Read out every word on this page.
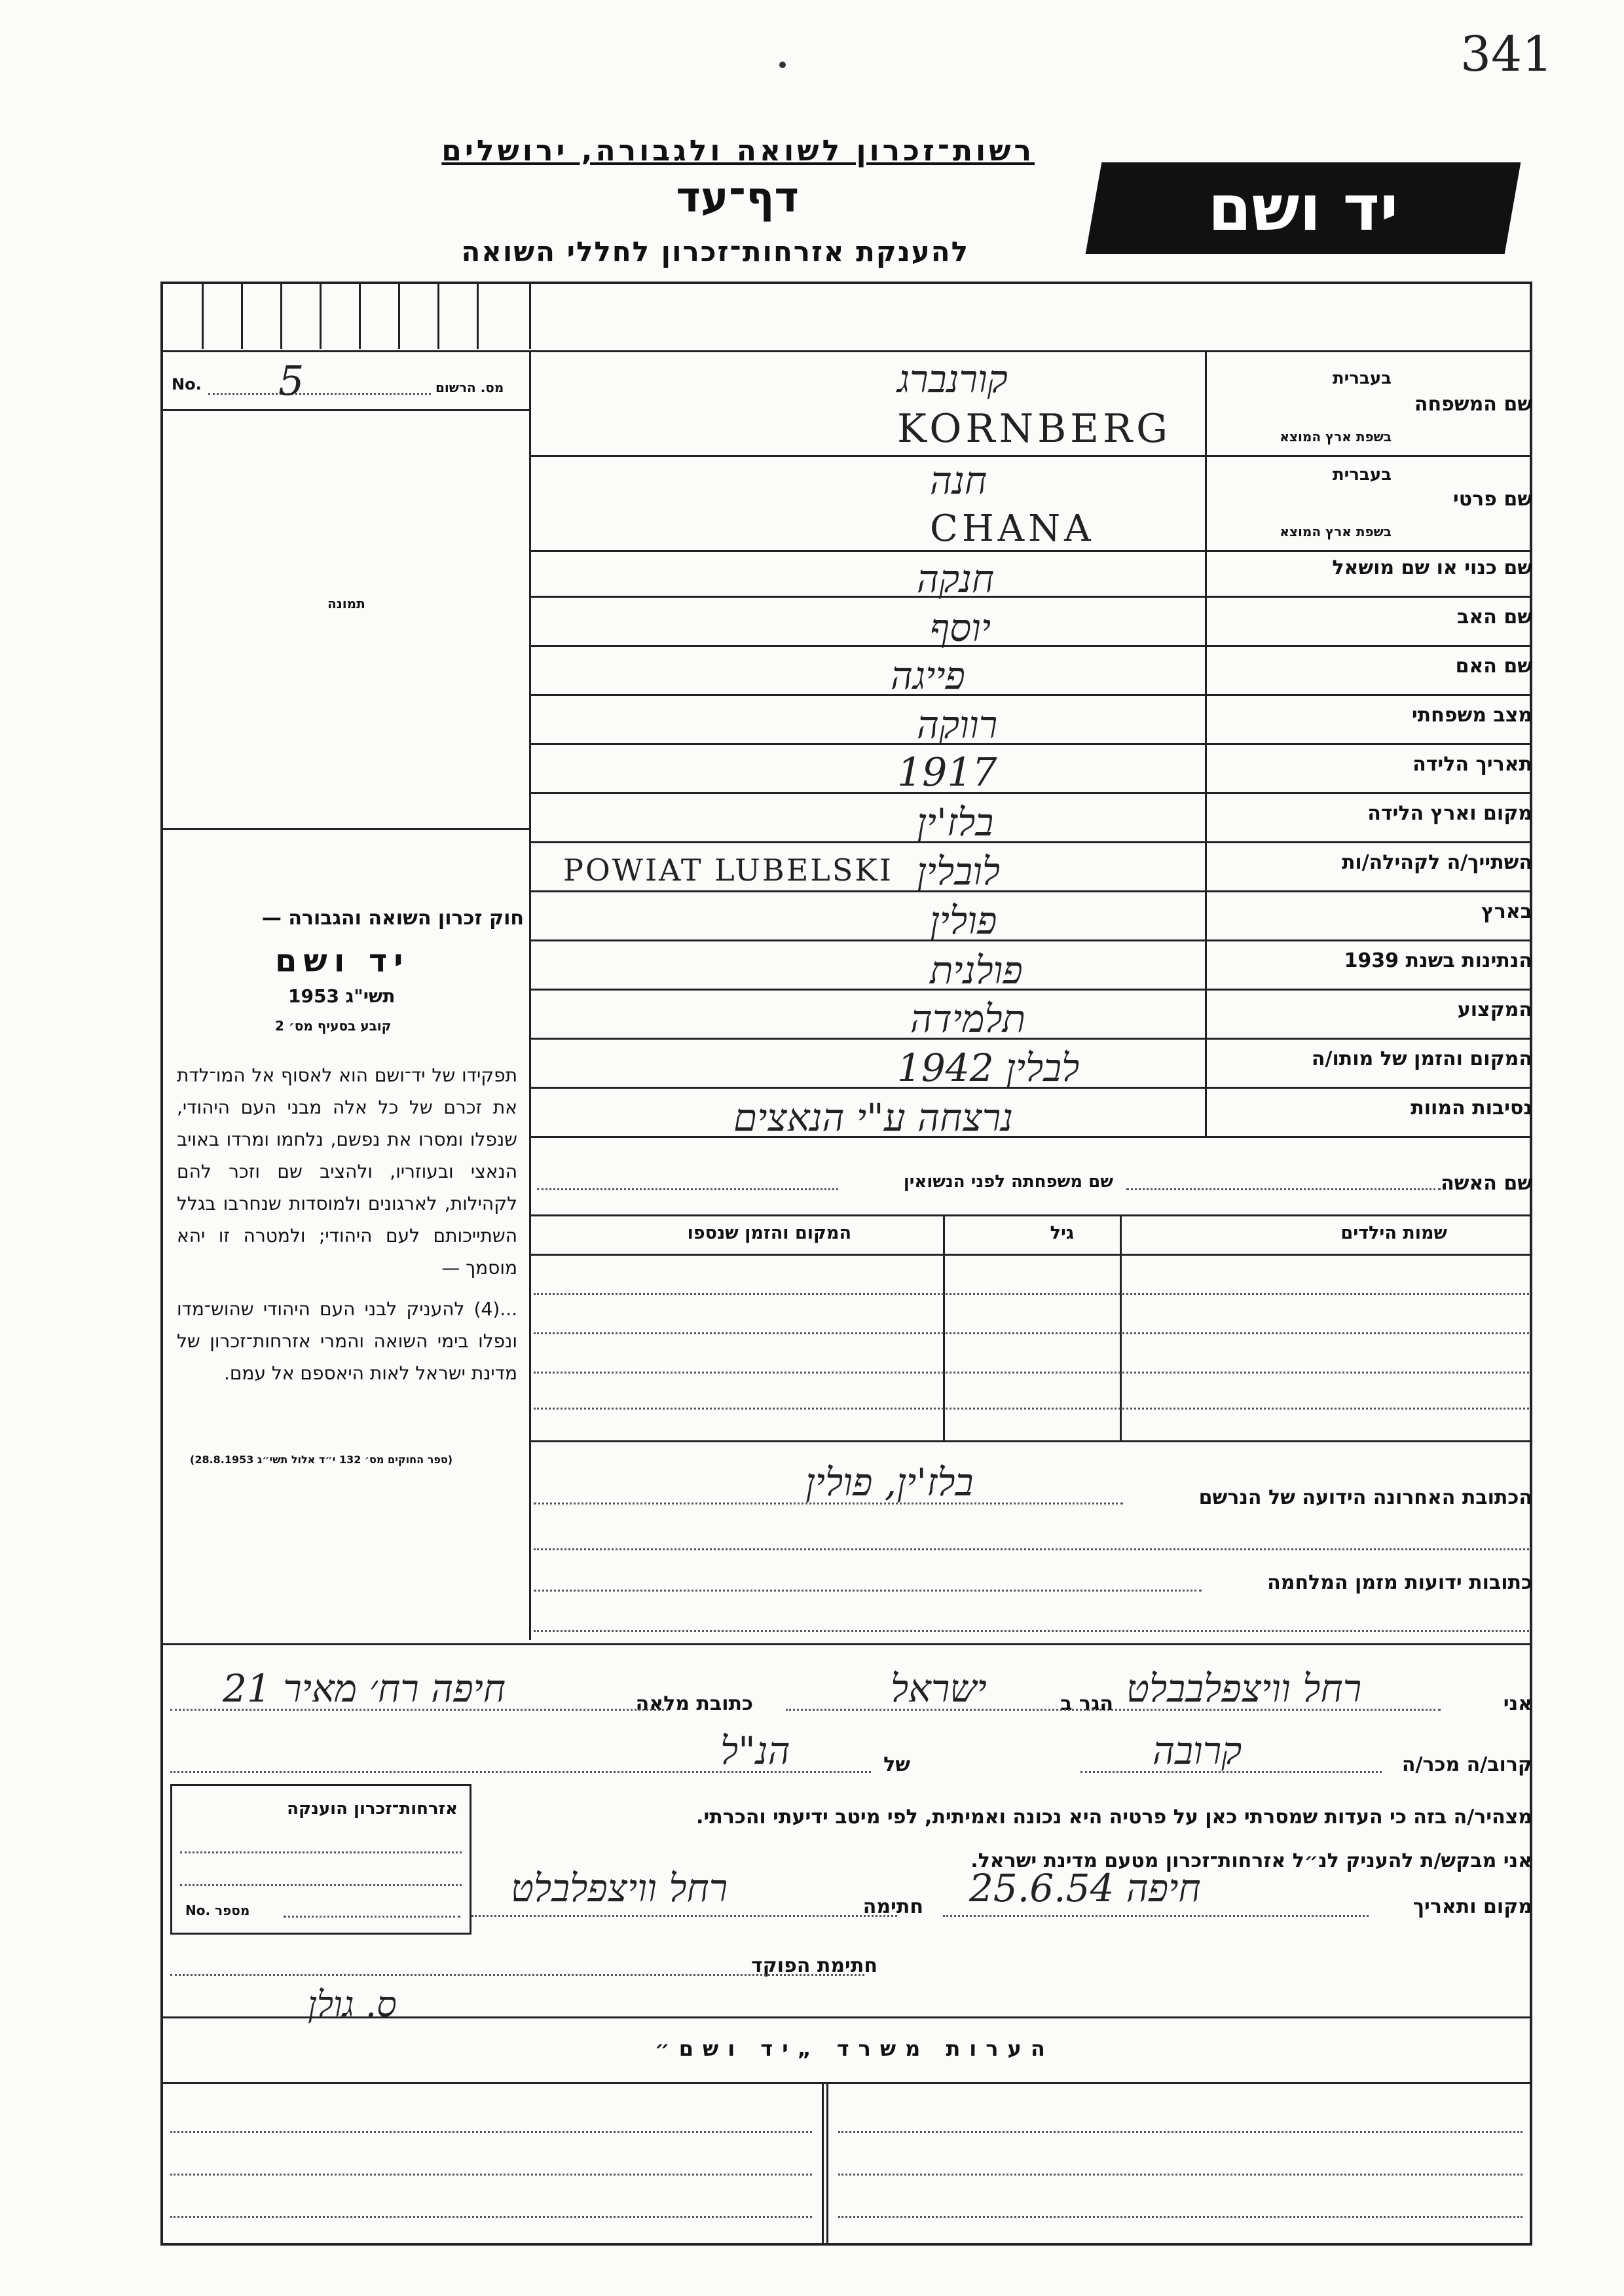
341
רשות־זכרון לשואה ולגבורה, ירושלים
דף־עד
להענקת אזרחות־זכרון לחללי השואה
יד ושם
No. 5	מס. הרשום
תמונה
חוק זכרון השואה והגבורה —
יד ושם
תשי"ג 1953
קובע בסעיף מס׳ 2
תפקידו של יד־ושם הוא לאסוף אל המו־לדת את זכרם של כל אלה מבני העם היהודי, שנפלו ומסרו את נפשם, נלחמו ומרדו באויב הנאצי ובעוזריו, ולהציב שם וזכר להם לקהילות, לארגונים ולמוסדות שנחרבו בגלל השתייכותם לעם היהודי; ולמטרה זו יהא מוסמך —
...(4) להעניק לבני העם היהודי שהוש־מדו ונפלו בימי השואה והמרי אזרחות־זכרון של מדינת ישראל לאות היאספם אל עמם.
(ספר החוקים מס׳ 132 י״ד אלול תשי״ג 28.8.1953)
שם המשפחה
בעברית
בשפת ארץ המוצא
שם פרטי
בעברית
בשפת ארץ המוצא
שם כנוי או שם מושאל
שם האב
שם האם
מצב משפחתי
תאריך הלידה
מקום וארץ הלידה
השתייך/ה לקהילה/ות
בארץ
הנתינות בשנת 1939
המקצוע
המקום והזמן של מותו/ה
נסיבות המוות
קורנברג
KORNBERG
חנה
CHANA
חנקה
יוסף
פייגה
רווקה
1917
בלז'ין
POWIAT LUBELSKI לובלין
פולין
פולנית
תלמידה
לבלין 1942
נרצחה ע"י הנאצים
שם האשה
שם משפחתה לפני הנשואין
שמות הילדים
גיל
המקום והזמן שנספו
הכתובת האחרונה הידועה של הנרשם
בלז'ין, פולין
כתובות ידועות מזמן המלחמה
אני
רחל וויצפלבבלט
הגר ב
ישראל
כתובת מלאה
חיפה רח׳ מאיר 21
קרוב/ה מכר/ה
קרובה
של
הנ"ל
מצהיר/ה בזה כי העדות שמסרתי כאן על פרטיה היא נכונה ואמיתית, לפי מיטב ידיעתי והכרתי.
אני מבקש/ת להעניק לנ״ל אזרחות־זכרון מטעם מדינת ישראל.
מקום ותאריך
חיפה 25.6.54
חתימה
רחל וויצפלבלט
חתימת הפוקד
ס. גולן
אזרחות־זכרון הוענקה
No. מספר
הערות משרד „יד ושם״
